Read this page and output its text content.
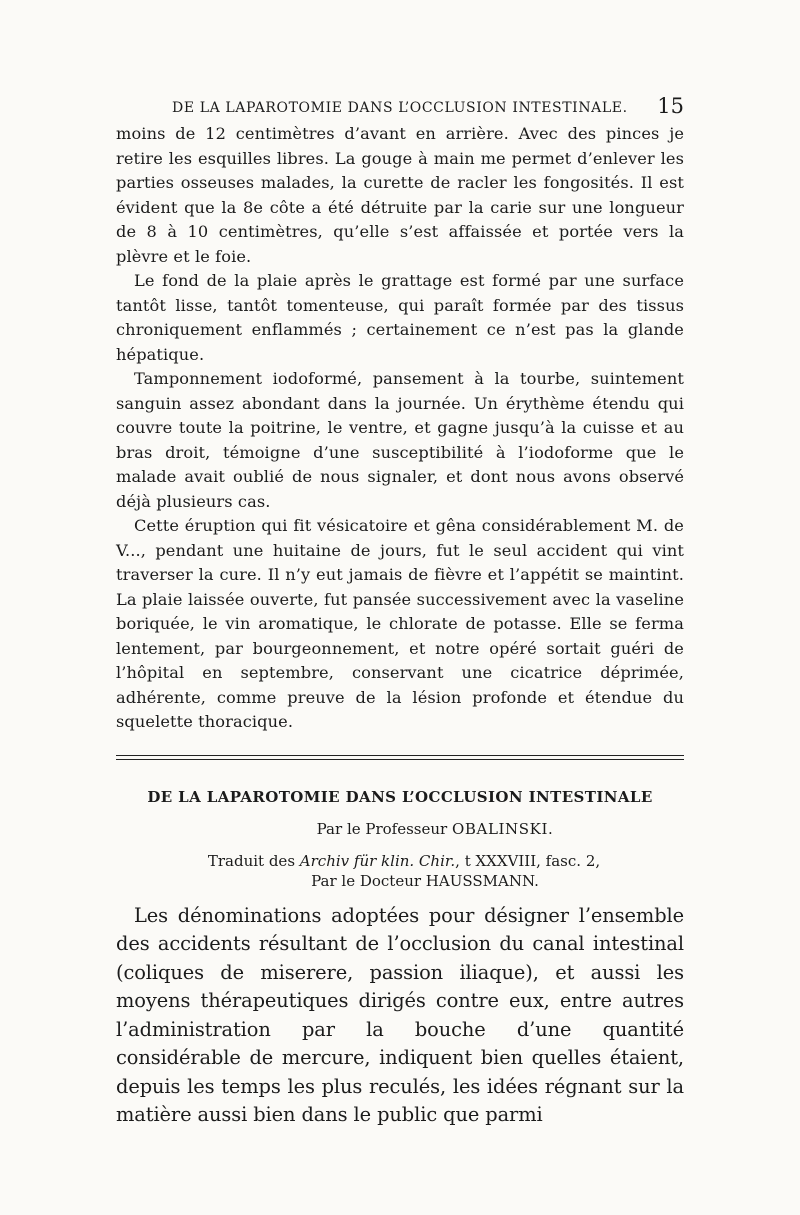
DE LA LAPAROTOMIE DANS L’OCCLUSION INTESTINALE. 15

moins de 12 centimètres d’avant en arrière. Avec des pinces je retire les esquilles libres. La gouge à main me permet d’enlever les parties osseuses malades, la curette de racler les fongosités. Il est évident que la 8e côte a été détruite par la carie sur une longueur de 8 à 10 centimètres, qu’elle s’est affaissée et portée vers la plèvre et le foie.

Le fond de la plaie après le grattage est formé par une surface tantôt lisse, tantôt tomenteuse, qui paraît formée par des tissus chroniquement enflammés ; certainement ce n’est pas la glande hépatique.

Tamponnement iodoformé, pansement à la tourbe, suintement sanguin assez abondant dans la journée. Un érythème étendu qui couvre toute la poitrine, le ventre, et gagne jusqu’à la cuisse et au bras droit, témoigne d’une susceptibilité à l’iodoforme que le malade avait oublié de nous signaler, et dont nous avons observé déjà plusieurs cas.

Cette éruption qui fit vésicatoire et gêna considérablement M. de V..., pendant une huitaine de jours, fut le seul accident qui vint traverser la cure. Il n’y eut jamais de fièvre et l’appétit se maintint. La plaie laissée ouverte, fut pansée successivement avec la vaseline boriquée, le vin aromatique, le chlorate de potasse. Elle se ferma lentement, par bourgeonnement, et notre opéré sortait guéri de l’hôpital en septembre, conservant une cicatrice déprimée, adhérente, comme preuve de la lésion profonde et étendue du squelette thoracique.

DE LA LAPAROTOMIE DANS L’OCCLUSION INTESTINALE
Par le Professeur OBALINSKI.
Traduit des Archiv für klin. Chir., t XXXVIII, fasc. 2,
Par le Docteur HAUSSMANN.

Les dénominations adoptées pour désigner l’ensemble des accidents résultant de l’occlusion du canal intestinal (coliques de miserere, passion iliaque), et aussi les moyens thérapeutiques dirigés contre eux, entre autres l’administration par la bouche d’une quantité considérable de mercure, indiquent bien quelles étaient, depuis les temps les plus reculés, les idées régnant sur la matière aussi bien dans le public que parmi
